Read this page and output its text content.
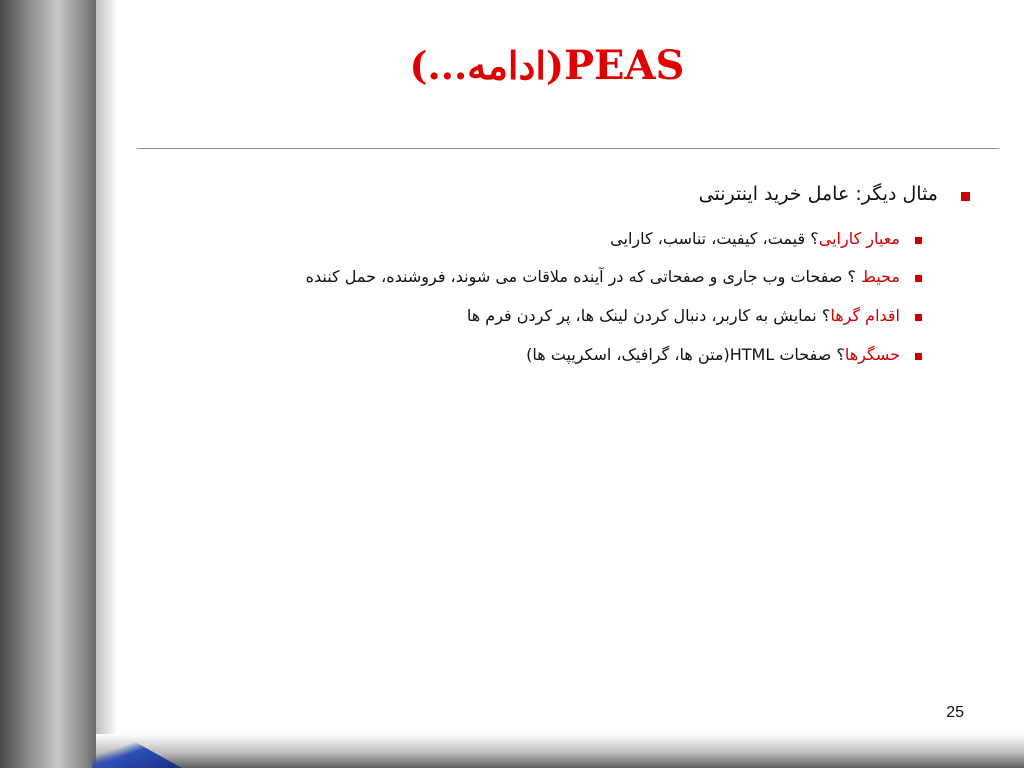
PEAS(ادامه...)
مثال دیگر: عامل خرید اینترنتی
معیار کارایی؟ قیمت، کیفیت، تناسب، کارایی
محیط ؟ صفحات وب جاری و صفحاتی که در آینده ملاقات می شوند، فروشنده، حمل کننده
اقدام گرها؟ نمایش به کاربر، دنبال کردن لینک ها، پر کردن فرم ها
حسگرها؟ صفحات HTML(متن ها، گرافیک، اسکریپت ها)
25
